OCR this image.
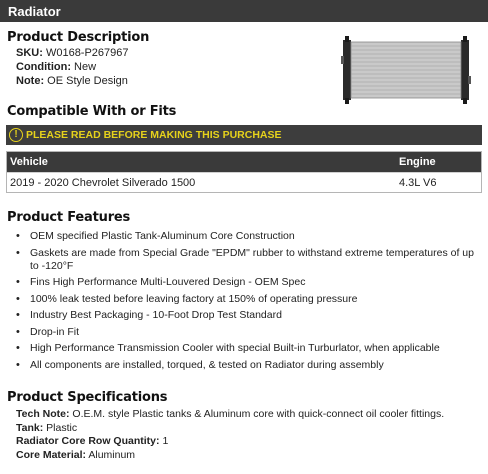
Radiator
Product Description
SKU: W0168-P267967
Condition: New
Note: OE Style Design
Compatible With or Fits
! PLEASE READ BEFORE MAKING THIS PURCHASE
Vehicle	Engine
2019 - 2020 Chevrolet Silverado 1500	4.3L V6
Product Features
• OEM specified Plastic Tank-Aluminum Core Construction
• Gaskets are made from Special Grade "EPDM" rubber to withstand extreme temperatures of up to -120°F
• Fins High Performance Multi-Louvered Design - OEM Spec
• 100% leak tested before leaving factory at 150% of operating pressure
• Industry Best Packaging - 10-Foot Drop Test Standard
• Drop-in Fit
• High Performance Transmission Cooler with special Built-in Turburlator, when applicable
• All components are installed, torqued, & tested on Radiator during assembly
Product Specifications
Tech Note: O.E.M. style Plastic tanks & Aluminum core with quick-connect oil cooler fittings.
Tank: Plastic
Radiator Core Row Quantity: 1
Core Material: Aluminum
